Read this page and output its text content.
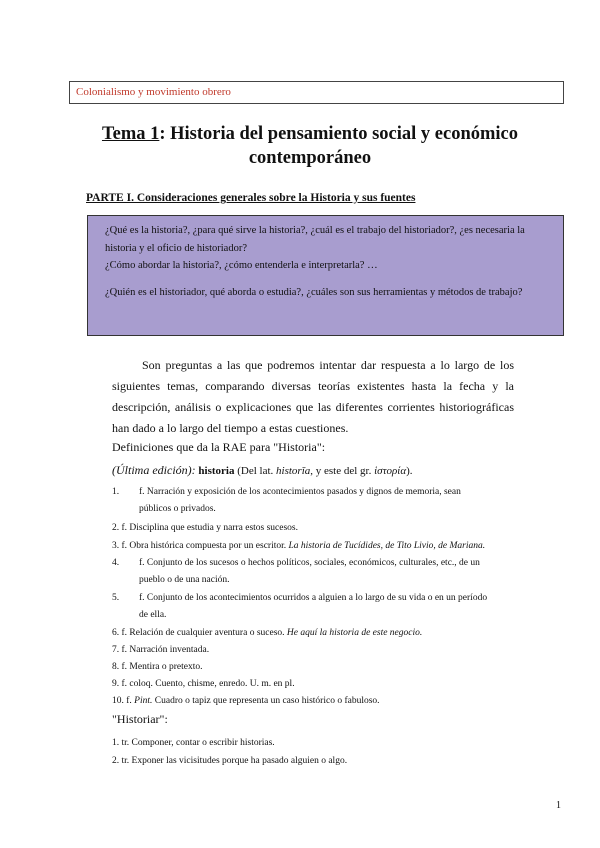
Colonialismo y movimiento obrero
Tema 1: Historia del pensamiento social y económico
contemporáneo
PARTE I. Consideraciones generales sobre la Historia y sus fuentes

¿Qué es la historia?, ¿para qué sirve la historia?, ¿cuál es el trabajo del historiador?, ¿es necesaria la historia y el oficio de historiador?

¿Cómo abordar la historia?, ¿cómo entenderla e interpretarla? …

¿Quién es el historiador, qué aborda o estudia?, ¿cuáles son sus herramientas y métodos de trabajo?

Son preguntas a las que podremos intentar dar respuesta a lo largo de los siguientes temas, comparando diversas teorías existentes hasta la fecha y la descripción, análisis o explicaciones que las diferentes corrientes historiográficas han dado a lo largo del tiempo a estas cuestiones.

Definiciones que da la RAE para "Historia":
(Última edición): historia (Del lat. historĭa, y este del gr. ἱστορία).
1. f. Narración y exposición de los acontecimientos pasados y dignos de memoria, sean
públicos o privados.
2. f. Disciplina que estudia y narra estos sucesos.
3. f. Obra histórica compuesta por un escritor. La historia de Tucídides, de Tito Livio, de Mariana.
4. f. Conjunto de los sucesos o hechos políticos, sociales, económicos, culturales, etc., de un
pueblo o de una nación.
5. f. Conjunto de los acontecimientos ocurridos a alguien a lo largo de su vida o en un período
de ella.
6. f. Relación de cualquier aventura o suceso. He aquí la historia de este negocio.
7. f. Narración inventada.
8. f. Mentira o pretexto.
9. f. coloq. Cuento, chisme, enredo. U. m. en pl.
10. f. Pint. Cuadro o tapiz que representa un caso histórico o fabuloso.
"Historiar":
1. tr. Componer, contar o escribir historias.
2. tr. Exponer las vicisitudes porque ha pasado alguien o algo.
1
